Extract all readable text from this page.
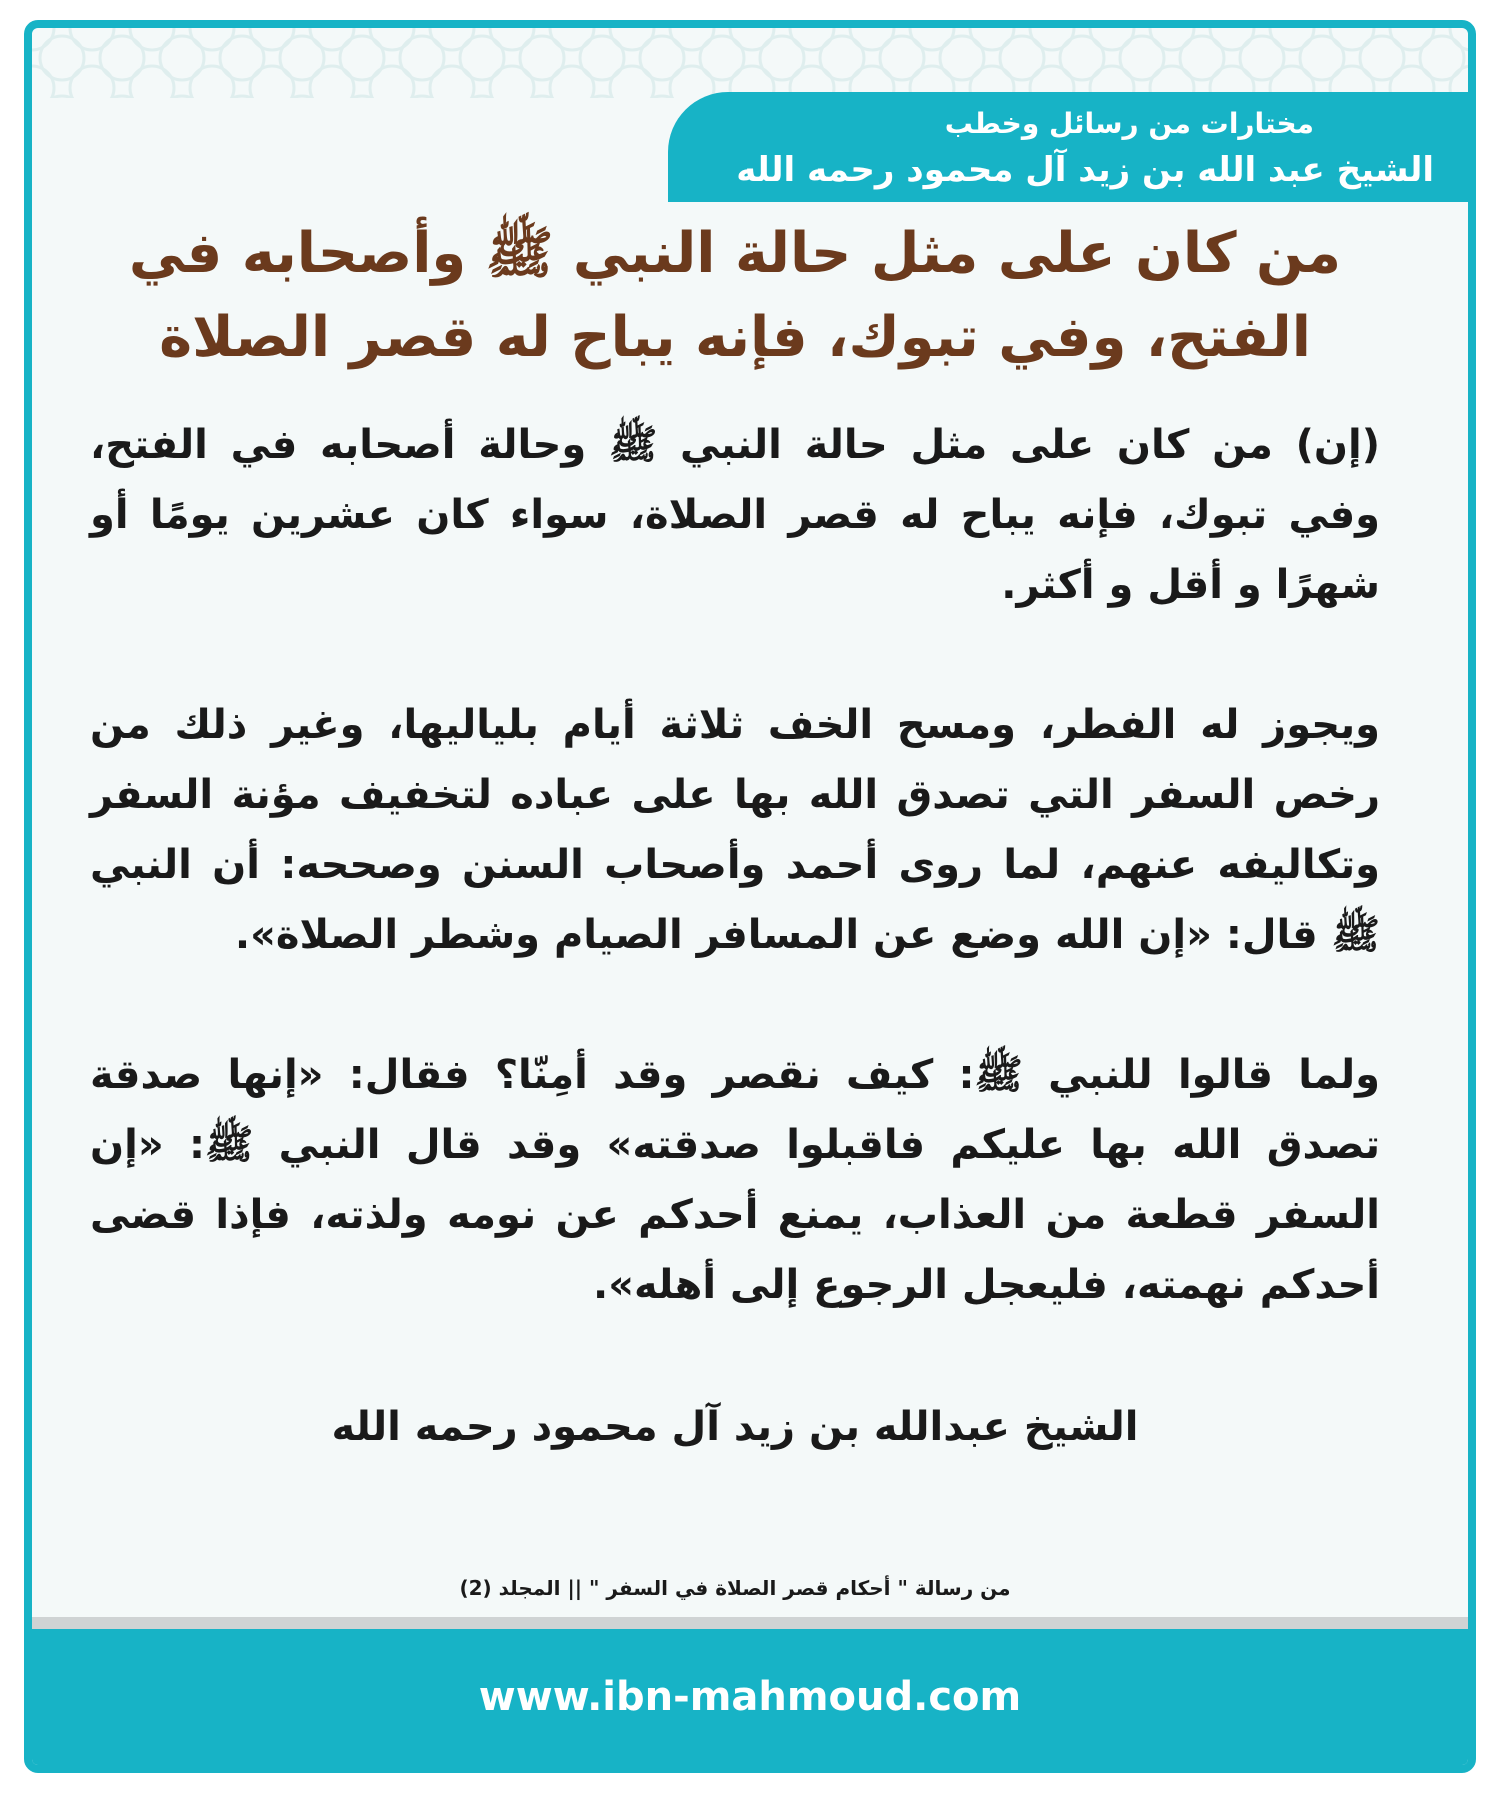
مختارات من رسائل وخطب
الشيخ عبد الله بن زيد آل محمود رحمه الله
من كان على مثل حالة النبي ﷺ وأصحابه في الفتح، وفي تبوك، فإنه يباح له قصر الصلاة

(إن) من كان على مثل حالة النبي ﷺ وحالة أصحابه في الفتح، وفي تبوك، فإنه يباح له قصر الصلاة، سواء كان عشرين يومًا أو شهرًا و أقل و أكثر.

ويجوز له الفطر، ومسح الخف ثلاثة أيام بلياليها، وغير ذلك من رخص السفر التي تصدق الله بها على عباده لتخفيف مؤنة السفر وتكاليفه عنهم، لما روى أحمد وأصحاب السنن وصححه: أن النبي ﷺ قال: «إن الله وضع عن المسافر الصيام وشطر الصلاة».

ولما قالوا للنبي ﷺ: كيف نقصر وقد أمِنّا؟ فقال: «إنها صدقة تصدق الله بها عليكم فاقبلوا صدقته» وقد قال النبي ﷺ: «إن السفر قطعة من العذاب، يمنع أحدكم عن نومه ولذته، فإذا قضى أحدكم نهمته، فليعجل الرجوع إلى أهله».

الشيخ عبدالله بن زيد آل محمود رحمه الله
من رسالة " أحكام قصر الصلاة في السفر " || المجلد (2)
www.ibn-mahmoud.com
